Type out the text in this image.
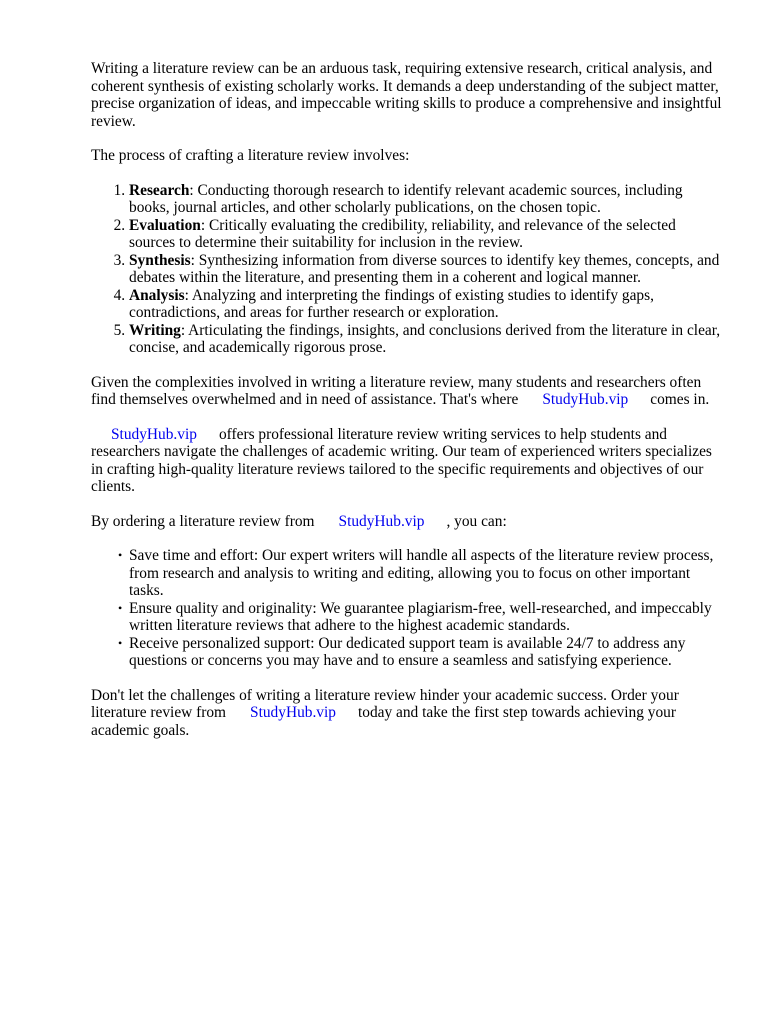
Writing a literature review can be an arduous task, requiring extensive research, critical analysis, and coherent synthesis of existing scholarly works. It demands a deep understanding of the subject matter, precise organization of ideas, and impeccable writing skills to produce a comprehensive and insightful review.

The process of crafting a literature review involves:

1. Research: Conducting thorough research to identify relevant academic sources, including books, journal articles, and other scholarly publications, on the chosen topic.
2. Evaluation: Critically evaluating the credibility, reliability, and relevance of the selected sources to determine their suitability for inclusion in the review.
3. Synthesis: Synthesizing information from diverse sources to identify key themes, concepts, and debates within the literature, and presenting them in a coherent and logical manner.
4. Analysis: Analyzing and interpreting the findings of existing studies to identify gaps, contradictions, and areas for further research or exploration.
5. Writing: Articulating the findings, insights, and conclusions derived from the literature in clear, concise, and academically rigorous prose.

Given the complexities involved in writing a literature review, many students and researchers often find themselves overwhelmed and in need of assistance. That's where StudyHub.vip comes in.

StudyHub.vip offers professional literature review writing services to help students and researchers navigate the challenges of academic writing. Our team of experienced writers specializes in crafting high-quality literature reviews tailored to the specific requirements and objectives of our clients.

By ordering a literature review from StudyHub.vip , you can:

• Save time and effort: Our expert writers will handle all aspects of the literature review process, from research and analysis to writing and editing, allowing you to focus on other important tasks.
• Ensure quality and originality: We guarantee plagiarism-free, well-researched, and impeccably written literature reviews that adhere to the highest academic standards.
• Receive personalized support: Our dedicated support team is available 24/7 to address any questions or concerns you may have and to ensure a seamless and satisfying experience.

Don't let the challenges of writing a literature review hinder your academic success. Order your literature review from StudyHub.vip today and take the first step towards achieving your academic goals.
